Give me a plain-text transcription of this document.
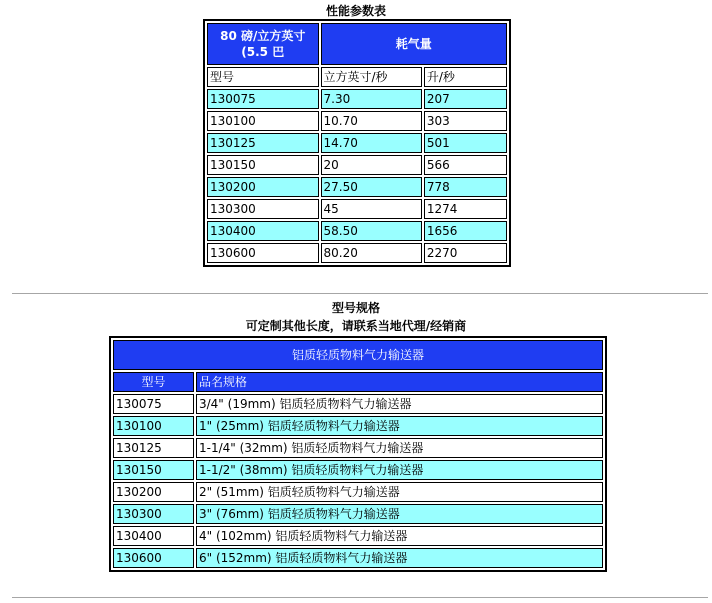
性能参数表
80 磅/立方英寸
(5.5 巴	耗气量	
型号	立方英寸/秒	升/秒
130075	7.30	207
130100	10.70	303
130125	14.70	501
130150	20	566
130200	27.50	778
130300	45	1274
130400	58.50	1656
130600	80.20	2270
型号规格
可定制其他长度，请联系当地代理/经销商
铝质轻质物料气力输送器	
型号	品名规格
130075	3/4" (19mm) 铝质轻质物料气力输送器
130100	1" (25mm) 铝质轻质物料气力输送器
130125	1-1/4" (32mm) 铝质轻质物料气力输送器
130150	1-1/2" (38mm) 铝质轻质物料气力输送器
130200	2" (51mm) 铝质轻质物料气力输送器
130300	3" (76mm) 铝质轻质物料气力输送器
130400	4" (102mm) 铝质轻质物料气力输送器
130600	6" (152mm) 铝质轻质物料气力输送器
